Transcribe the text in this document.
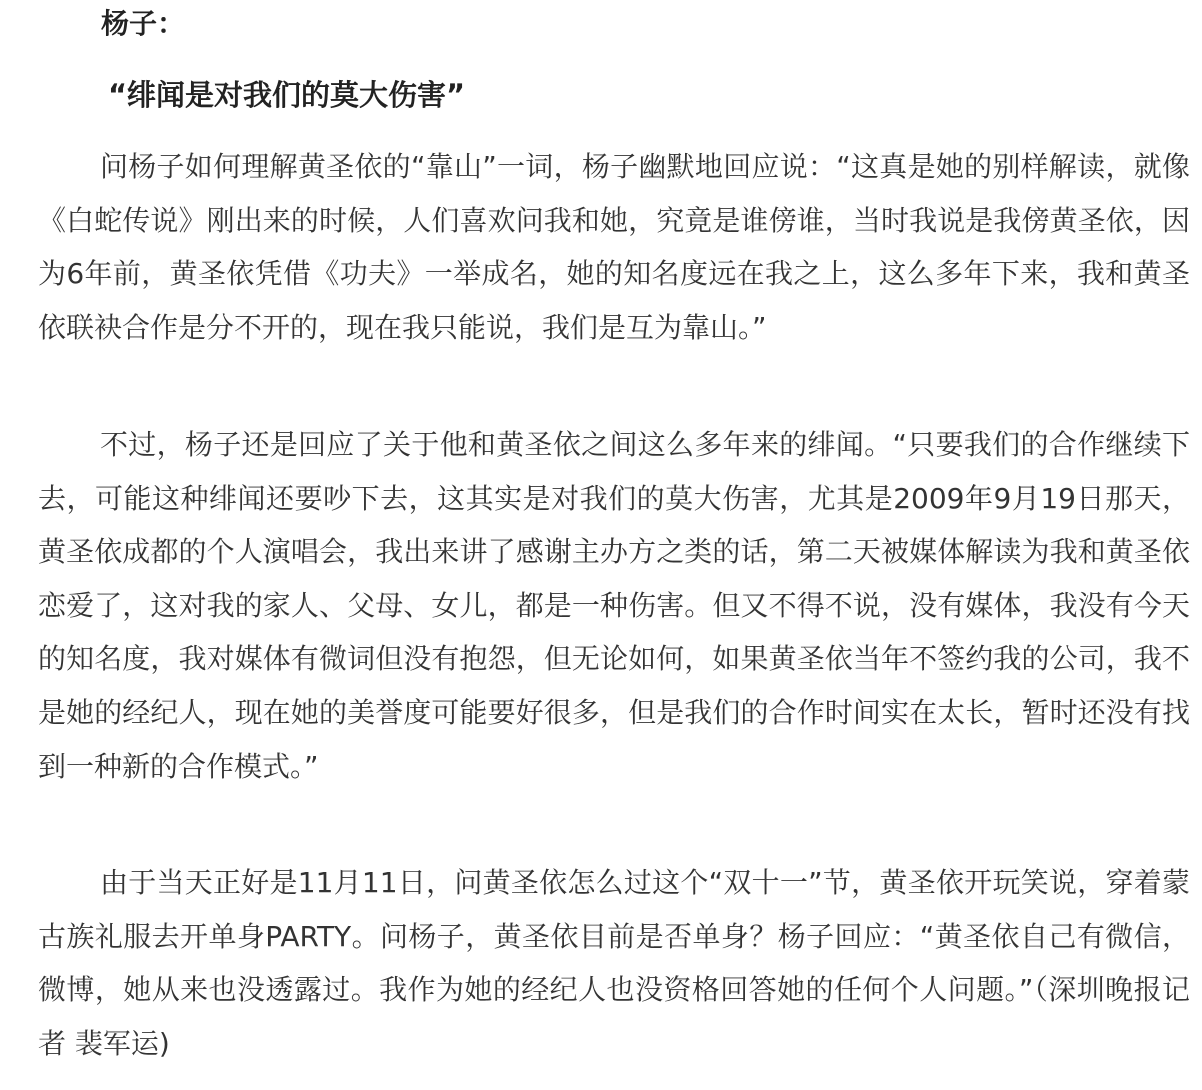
杨子：

“绯闻是对我们的莫大伤害”

问杨子如何理解黄圣依的“靠山”一词，杨子幽默地回应说：“这真是她的别样解读，就像《白蛇传说》刚出来的时候，人们喜欢问我和她，究竟是谁傍谁，当时我说是我傍黄圣依，因为6年前，黄圣依凭借《功夫》一举成名，她的知名度远在我之上，这么多年下来，我和黄圣依联袂合作是分不开的，现在我只能说，我们是互为靠山。”

不过，杨子还是回应了关于他和黄圣依之间这么多年来的绯闻。“只要我们的合作继续下去，可能这种绯闻还要吵下去，这其实是对我们的莫大伤害，尤其是2009年9月19日那天，黄圣依成都的个人演唱会，我出来讲了感谢主办方之类的话，第二天被媒体解读为我和黄圣依恋爱了，这对我的家人、父母、女儿，都是一种伤害。但又不得不说，没有媒体，我没有今天的知名度，我对媒体有微词但没有抱怨，但无论如何，如果黄圣依当年不签约我的公司，我不是她的经纪人，现在她的美誉度可能要好很多，但是我们的合作时间实在太长，暂时还没有找到一种新的合作模式。”

由于当天正好是11月11日，问黄圣依怎么过这个“双十一”节，黄圣依开玩笑说，穿着蒙古族礼服去开单身PARTY。问杨子，黄圣依目前是否单身？杨子回应：“黄圣依自己有微信，微博，她从来也没透露过。我作为她的经纪人也没资格回答她的任何个人问题。”（深圳晚报记者 裴军运)
